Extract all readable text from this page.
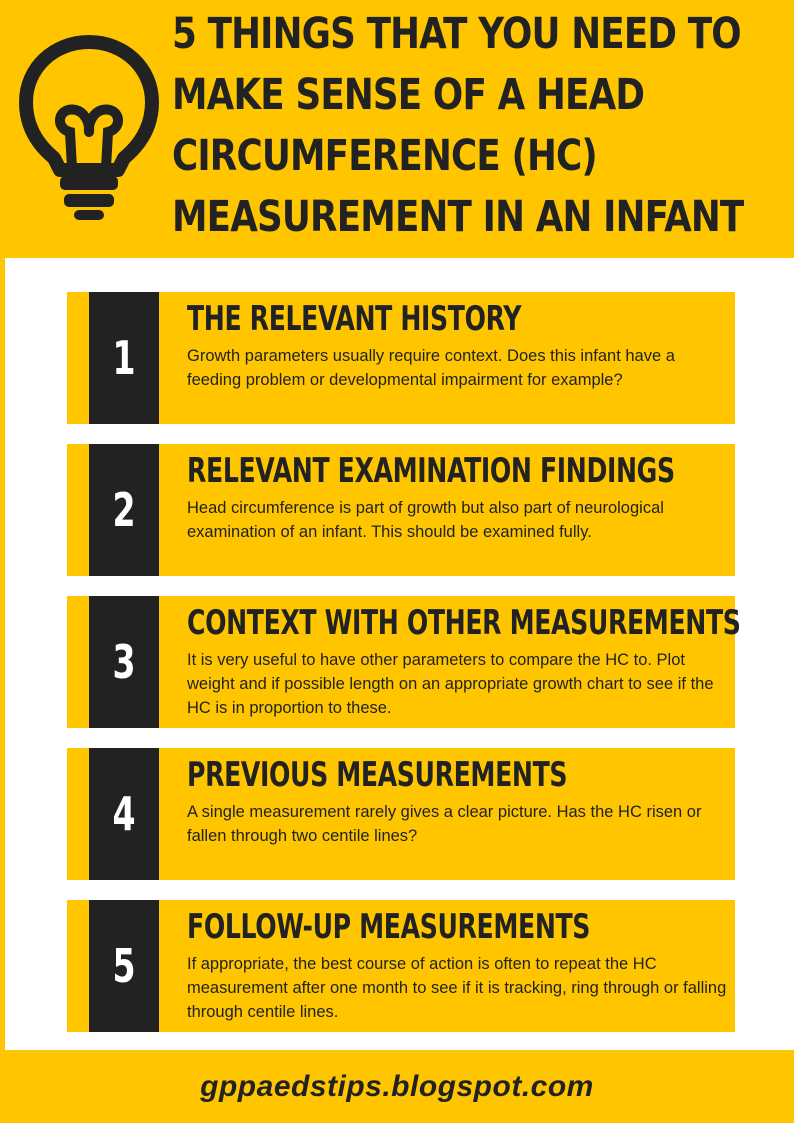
5 THINGS THAT YOU NEED TO
MAKE SENSE OF A HEAD
CIRCUMFERENCE (HC)
MEASUREMENT IN AN INFANT
1
THE RELEVANT HISTORY

Growth parameters usually require context. Does this infant have a feeding problem or developmental impairment for example?

2
RELEVANT EXAMINATION FINDINGS

Head circumference is part of growth but also part of neurological examination of an infant. This should be examined fully.

3
CONTEXT WITH OTHER MEASUREMENTS

It is very useful to have other parameters to compare the HC to. Plot weight and if possible length on an appropriate growth chart to see if the HC is in proportion to these.

4
PREVIOUS MEASUREMENTS

A single measurement rarely gives a clear picture. Has the HC risen or fallen through two centile lines?

5
FOLLOW-UP MEASUREMENTS

If appropriate, the best course of action is often to repeat the HC measurement after one month to see if it is tracking, ring through or falling through centile lines.

gppaedstips.blogspot.com
